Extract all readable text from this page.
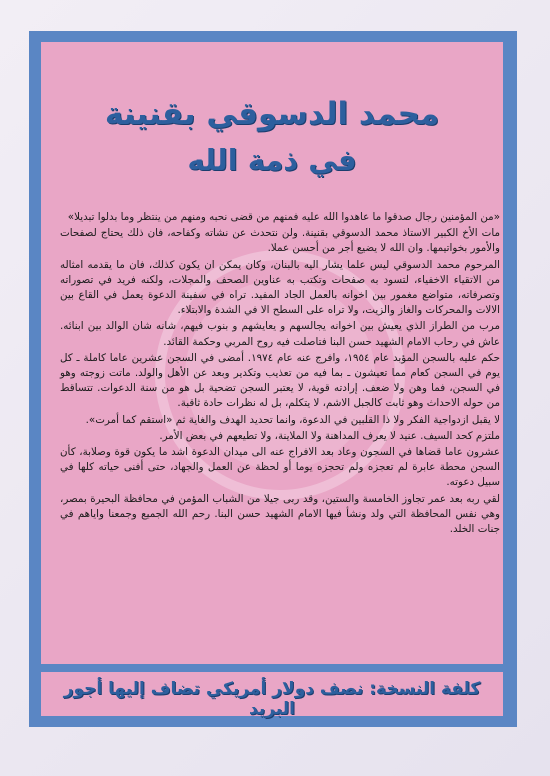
محمد الدسوقي بقنينة
في ذمة الله

«من المؤمنين رجال صدقوا ما عاهدوا الله عليه فمنهم من قضى نحبه ومنهم من ينتظر وما بدلوا تبديلا»

مات الأخ الكبير الاستاذ محمد الدسوقي بقنينة. ولن نتحدث عن نشاته وكفاحه، فان ذلك يحتاج لصفحات والأمور بخواتيمها. وان الله لا يضيع أجر من أحسن عملا.

المرحوم محمد الدسوقي ليس علما يشار اليه بالبنان، وكان يمكن ان يكون كذلك، فان ما يقدمه امثاله من الاتقياء الاخفياء، لتسود به صفحات وتكتب به عناوين الصحف والمجلات، ولكنه فريد في تصوراته وتصرفاته، متواضع مغمور بين اخوانه بالعمل الجاد المفيد. تراه في سفينة الدعوة يعمل في القاع بين الالات والمحركات والغاز والزيت، ولا تراه على السطح الا في الشدة والابتلاء.

مرب من الطراز الذي يعيش بين اخوانه يجالسهم و يعايشهم و بنوب فيهم، شانه شان الوالد بين ابنائه. عاش في رحاب الامام الشهيد حسن البنا فتاصلت فيه روح المربي وحكمة القائد.

حكم عليه بالسجن المؤبد عام ١٩٥٤، وافرج عنه عام ١٩٧٤. أمضى في السجن عشرين عاما كاملة ـ كل يوم في السجن كعام مما تعيشون ـ بما فيه من تعذيب وتكدير وبعد عن الأهل والولد. ماتت زوجته وهو في السجن، فما وهن ولا ضعف. إرادته قوية، لا يعتبر السجن تضحية بل هو من سنة الدعوات. تتساقط من حوله الاحداث وهو ثابت كالجبل الاشم، لا يتكلم، بل له نظرات حادة ثاقبة.

لا يقبل ازدواجية الفكر ولا ذا القلبين في الدعوة، وانما تحديد الهدف والغاية ثم «استقم كما أمرت».

ملتزم كحد السيف. عنيد لا يعرف المداهنة ولا الملاينة، ولا تطيعهم في بعض الأمر.

عشرون عاما قضاها في السجون وعاد بعد الافراج عنه الى ميدان الدعوة اشد ما يكون قوة وصلابة، كأن السجن محطة عابرة لم تعجزه ولم تحجزه يوما أو لحظة عن العمل والجهاد، حتى أفنى حياته كلها في سبيل دعوته.

لقي ربه بعد عمر تجاوز الخامسة والستين، وقد ربى جيلا من الشباب المؤمن في محافظة البحيرة بمصر، وهي نفس المحافظة التي ولد ونشأ فيها الامام الشهيد حسن البنا. رحم الله الجميع وجمعنا واياهم في جنات الخلد.

كلفة النسخة: نصف دولار أمريكي تضاف إليها أجور البريد
